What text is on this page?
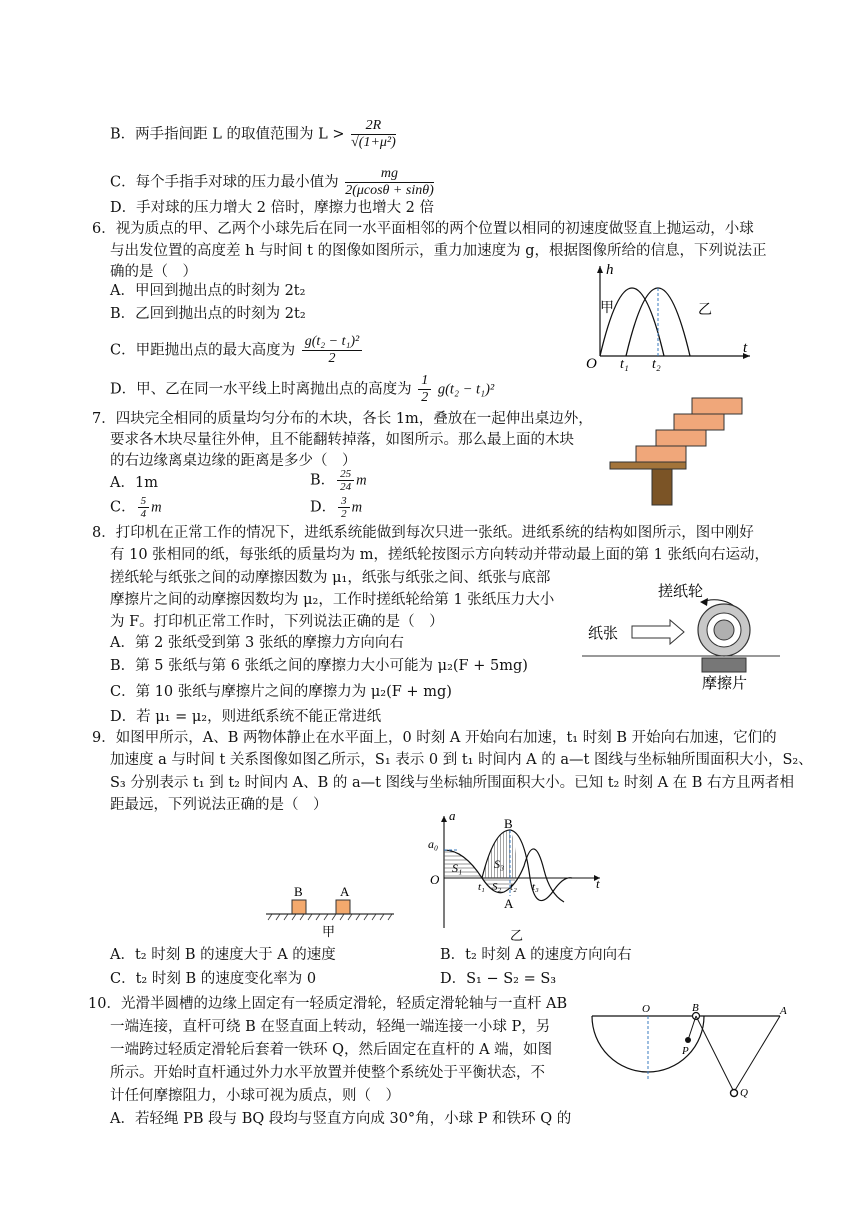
B．两手指间距 L 的取值范围为 $L > \frac{2R}{\text{√(1+μ²)}}$
C．每个手指手对球的压力最小值为 $\frac{mg}{2(\mu\cos\theta + \sin\theta)}$
D．手对球的压力增大 2 倍时，摩擦力也增大 2 倍
6．视为质点的甲、乙两个小球先后在同一水平面相邻的两个位置以相同的初速度做竖直上抛运动，小球
与出发位置的高度差 h 与时间 t 的图像如图所示，重力加速度为 g，根据图像所给的信息，下列说法正
确的是（　）
A．甲回到抛出点的时刻为 2t₂
B．乙回到抛出点的时刻为 2t₂
C．甲距抛出点的最大高度为 $\frac{\text{g(t₂ − t₁)²}}{2}$
D．甲、乙在同一水平线上时离抛出点的高度为 $\frac{1}{2} g(t_2 - t_1)^2$
h
t
O
甲	乙
t₁ t₂
7．四块完全相同的质量均匀分布的木块，各长 1m，叠放在一起伸出桌边外，
要求各木块尽量往外伸，且不能翻转掉落，如图所示。那么最上面的木块
的右边缘离桌边缘的距离是多少（　）
A．1m	B． $\frac{25}{24}$ m
C． $\frac{5}{4}$ m	D． $\frac{3}{2}$ m
8．打印机在正常工作的情况下，进纸系统能做到每次只进一张纸。进纸系统的结构如图所示，图中刚好
有 10 张相同的纸，每张纸的质量均为 m，搓纸轮按图示方向转动并带动最上面的第 1 张纸向右运动，
搓纸轮与纸张之间的动摩擦因数为 μ₁，纸张与纸张之间、纸张与底部
摩擦片之间的动摩擦因数均为 μ₂，工作时搓纸轮给第 1 张纸压力大小
为 F。打印机正常工作时，下列说法正确的是（　）
A．第 2 张纸受到第 3 张纸的摩擦力方向向右
B．第 5 张纸与第 6 张纸之间的摩擦力大小可能为 μ₂(F + 5mg)
C．第 10 张纸与摩擦片之间的摩擦力为 μ₂(F + mg)
D．若 μ₁ = μ₂，则进纸系统不能正常进纸
搓纸轮
纸张
摩擦片
9．如图甲所示，A、B 两物体静止在水平面上，0 时刻 A 开始向右加速，t₁ 时刻 B 开始向右加速，它们的
加速度 a 与时间 t 关系图像如图乙所示，S₁ 表示 0 到 t₁ 时间内 A 的 a—t 图线与坐标轴所围面积大小，S₂、
S₃ 分别表示 t₁ 到 t₂ 时间内 A、B 的 a—t 图线与坐标轴所围面积大小。已知 t₂ 时刻 A 在 B 右方且两者相
距最远，下列说法正确的是（　）
B	A
甲
a
a₀
O
S₁
S₂
S₃
t
t₁ t₂ t₃
B
A
乙
A．t₂ 时刻 B 的速度大于 A 的速度	B．t₂ 时刻 A 的速度方向向右
C．t₂ 时刻 B 的速度变化率为 0	D．S₁ − S₂ = S₃
10．光滑半圆槽的边缘上固定有一轻质定滑轮，轻质定滑轮轴与一直杆 AB
一端连接，直杆可绕 B 在竖直面上转动，轻绳一端连接一小球 P，另
一端跨过轻质定滑轮后套着一铁环 Q，然后固定在直杆的 A 端，如图
所示。开始时直杆通过外力水平放置并使整个系统处于平衡状态，不
计任何摩擦阻力，小球可视为质点，则（　）
A．若轻绳 PB 段与 BQ 段均与竖直方向成 30°角，小球 P 和铁环 Q 的
O	B	A
P
Q
